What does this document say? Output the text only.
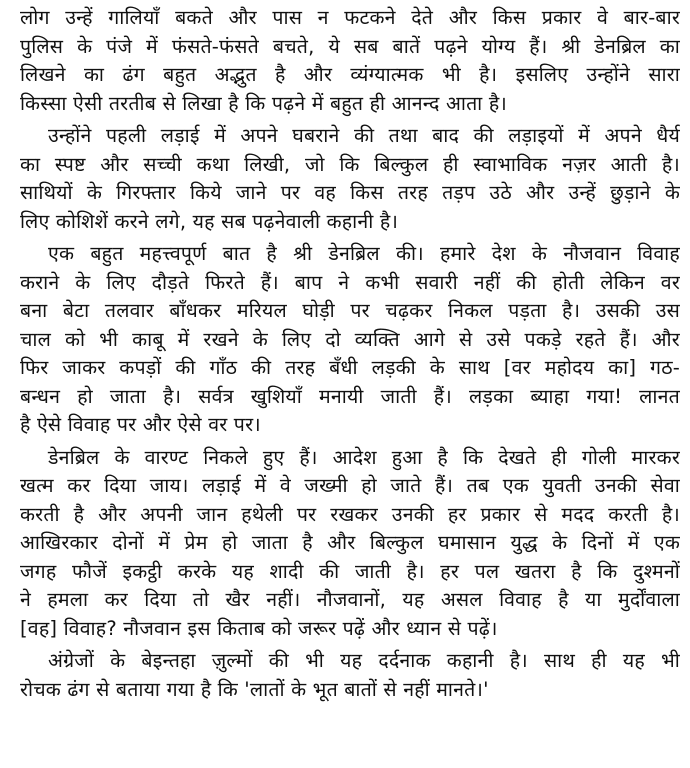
लोग उन्हें गालियाँ बकते और पास न फटकने देते और किस प्रकार वे बार-बार
पुलिस के पंजे में फंसते-फंसते बचते, ये सब बातें पढ़ने योग्य हैं। श्री डेनब्रिल का
लिखने का ढंग बहुत अद्भुत है और व्यंग्यात्मक भी है। इसलिए उन्होंने सारा
किस्सा ऐसी तरतीब से लिखा है कि पढ़ने में बहुत ही आनन्द आता है।
उन्होंने पहली लड़ाई में अपने घबराने की तथा बाद की लड़ाइयों में अपने धैर्य
का स्पष्ट और सच्ची कथा लिखी, जो कि बिल्कुल ही स्वाभाविक नज़र आती है।
साथियों के गिरफ्तार किये जाने पर वह किस तरह तड़प उठे और उन्हें छुड़ाने के
लिए कोशिशें करने लगे, यह सब पढ़नेवाली कहानी है।
एक बहुत महत्त्वपूर्ण बात है श्री डेनब्रिल की। हमारे देश के नौजवान विवाह
कराने के लिए दौड़ते फिरते हैं। बाप ने कभी सवारी नहीं की होती लेकिन वर
बना बेटा तलवार बाँधकर मरियल घोड़ी पर चढ़कर निकल पड़ता है। उसकी उस
चाल को भी काबू में रखने के लिए दो व्यक्ति आगे से उसे पकड़े रहते हैं। और
फिर जाकर कपड़ों की गाँठ की तरह बँधी लड़की के साथ [वर महोदय का] गठ-
बन्धन हो जाता है। सर्वत्र खुशियाँ मनायी जाती हैं। लड़का ब्याहा गया! लानत
है ऐसे विवाह पर और ऐसे वर पर।
डेनब्रिल के वारण्ट निकले हुए हैं। आदेश हुआ है कि देखते ही गोली मारकर
खत्म कर दिया जाय। लड़ाई में वे जख्मी हो जाते हैं। तब एक युवती उनकी सेवा
करती है और अपनी जान हथेली पर रखकर उनकी हर प्रकार से मदद करती है।
आखिरकार दोनों में प्रेम हो जाता है और बिल्कुल घमासान युद्ध के दिनों में एक
जगह फौजें इकट्ठी करके यह शादी की जाती है। हर पल खतरा है कि दुश्मनों
ने हमला कर दिया तो खैर नहीं। नौजवानों, यह असल विवाह है या मुर्दोंवाला
[वह] विवाह? नौजवान इस किताब को जरूर पढ़ें और ध्यान से पढ़ें।
अंग्रेजों के बेइन्तहा ज़ुल्मों की भी यह दर्दनाक कहानी है। साथ ही यह भी
रोचक ढंग से बताया गया है कि 'लातों के भूत बातों से नहीं मानते।'
